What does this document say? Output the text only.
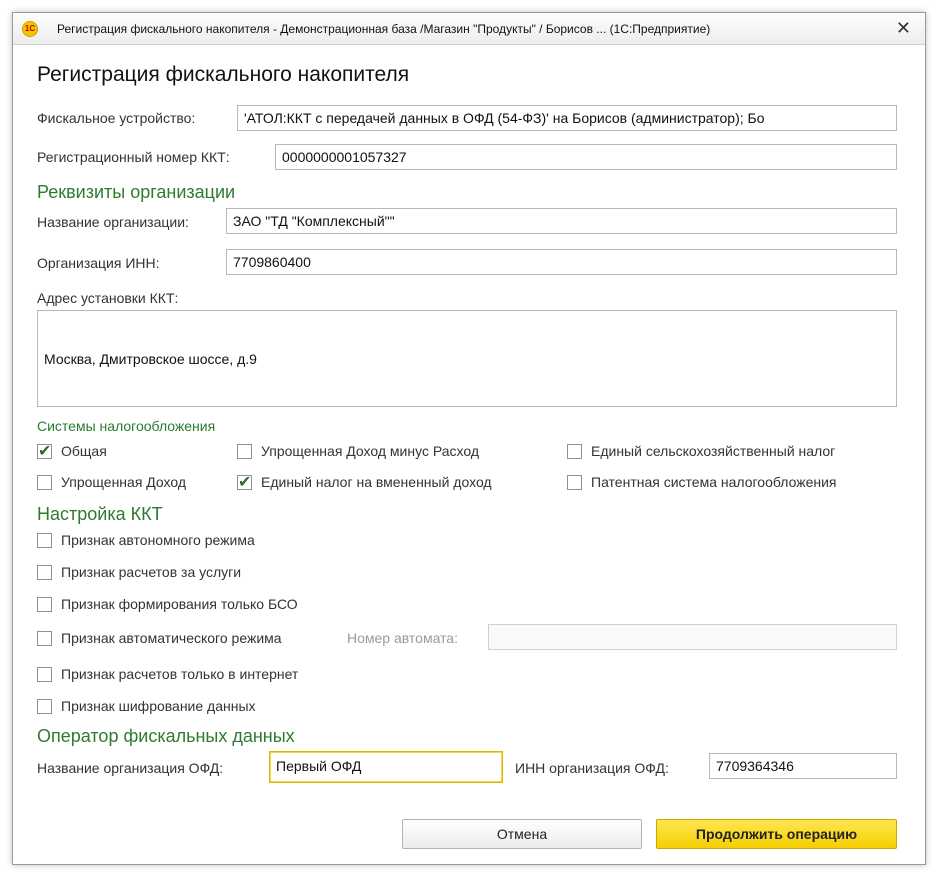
1С Регистрация фискального накопителя - Демонстрационная база /Магазин "Продукты" / Борисов ... (1С:Предприятие)	✕
Регистрация фискального накопителя
Фискальное устройство:	'АТОЛ:ККТ с передачей данных в ОФД (54-ФЗ)' на Борисов (администратор); Бо
Регистрационный номер ККТ:	0000000001057327
Реквизиты организации
Название организации:	ЗАО "ТД "Комплексный""
Организация ИНН:	7709860400
Адрес установки ККТ:
Москва, Дмитровское шоссе, д.9
Системы налогообложения
✔
Общая	Упрощенная Доход минус Расход	Единый сельскохозяйственный налог
Упрощенная Доход
✔	Единый налог на вмененный доход	Патентная система налогообложения
Настройка ККТ
Признак автономного режима
Признак расчетов за услуги
Признак формирования только БСО
Признак автоматического режима	Номер автомата:
Признак расчетов только в интернет
Признак шифрование данных
Оператор фискальных данных
Название организация ОФД:	Первый ОФД	ИНН организация ОФД:	7709364346
Отмена	Продолжить операцию
